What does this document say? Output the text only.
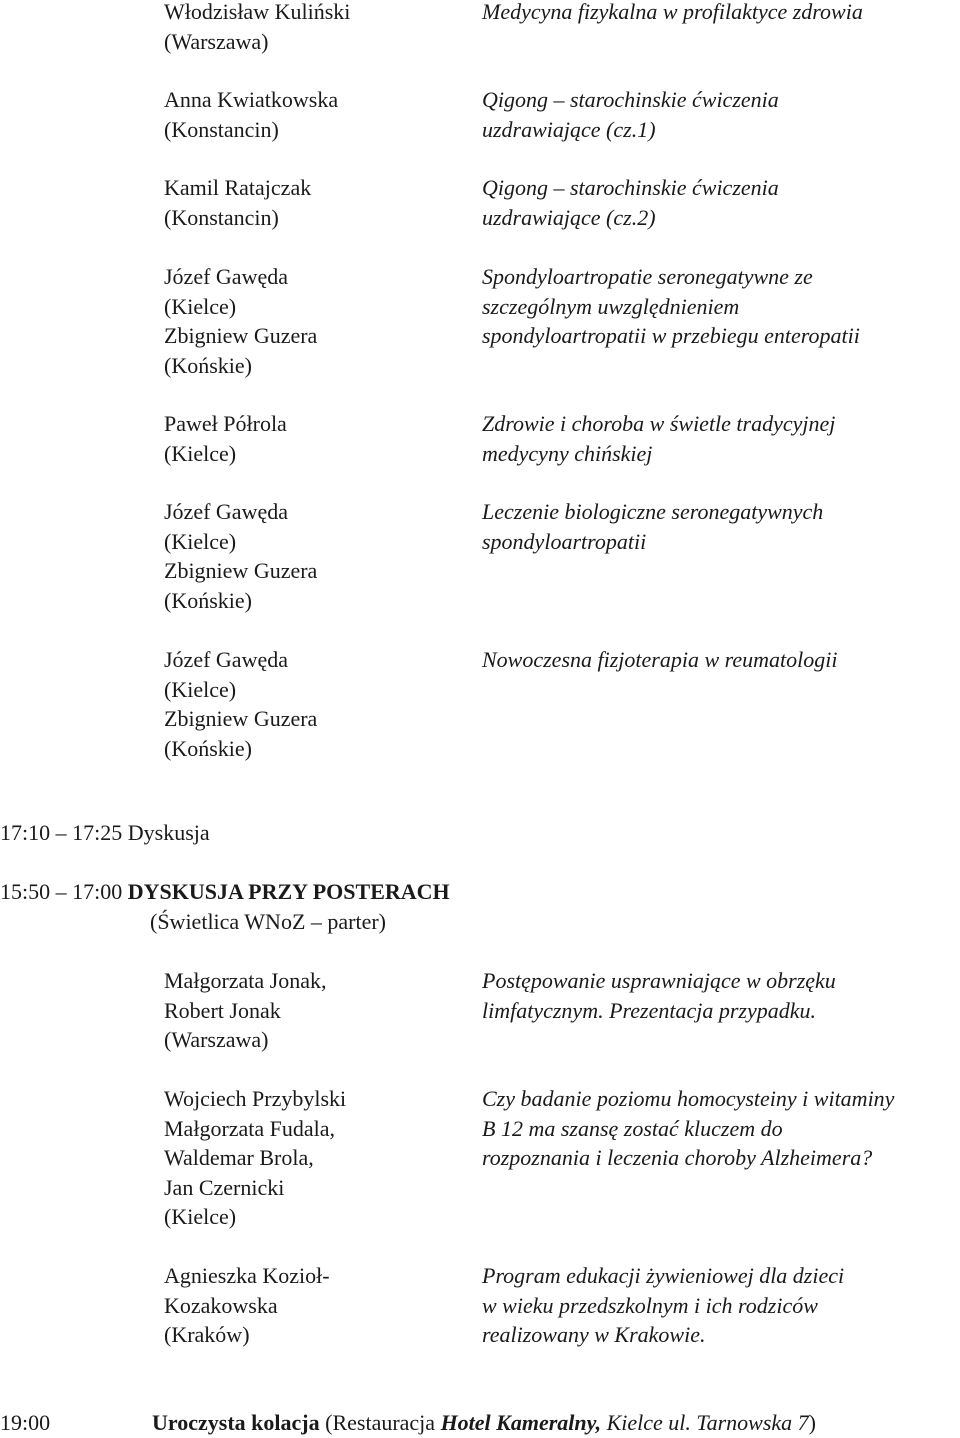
Włodzisław Kuliński
(Warszawa)
Medycyna fizykalna w profilaktyce zdrowia
Anna Kwiatkowska
(Konstancin)
Qigong – starochinskie ćwiczenia
uzdrawiające (cz.1)
Kamil Ratajczak
(Konstancin)
Qigong – starochinskie ćwiczenia
uzdrawiające (cz.2)
Józef Gawęda
(Kielce)
Zbigniew Guzera
(Końskie)
Spondyloartropatie seronegatywne ze
szczególnym uwzględnieniem
spondyloartropatii w przebiegu enteropatii
Paweł Półrola
(Kielce)
Zdrowie i choroba w świetle tradycyjnej
medycyny chińskiej
Józef Gawęda
(Kielce)
Zbigniew Guzera
(Końskie)
Leczenie biologiczne seronegatywnych
spondyloartropatii
Józef Gawęda
(Kielce)
Zbigniew Guzera
(Końskie)
Nowoczesna fizjoterapia w reumatologii
17:10 – 17:25 Dyskusja
15:50 – 17:00 DYSKUSJA PRZY POSTERACH
(Świetlica WNoZ – parter)
Małgorzata Jonak,
Robert Jonak
(Warszawa)
Postępowanie usprawniające w obrzęku
limfatycznym. Prezentacja przypadku.
Wojciech Przybylski
Małgorzata Fudala,
Waldemar Brola,
Jan Czernicki
(Kielce)
Czy badanie poziomu homocysteiny i witaminy
B 12 ma szansę zostać kluczem do
rozpoznania i leczenia choroby Alzheimera?
Agnieszka Kozioł-
Kozakowska
(Kraków)
Program edukacji żywieniowej dla dzieci
w wieku przedszkolnym i ich rodziców
realizowany w Krakowie.
19:00	Uroczysta kolacja (Restauracja Hotel Kameralny, Kielce ul. Tarnowska 7)
